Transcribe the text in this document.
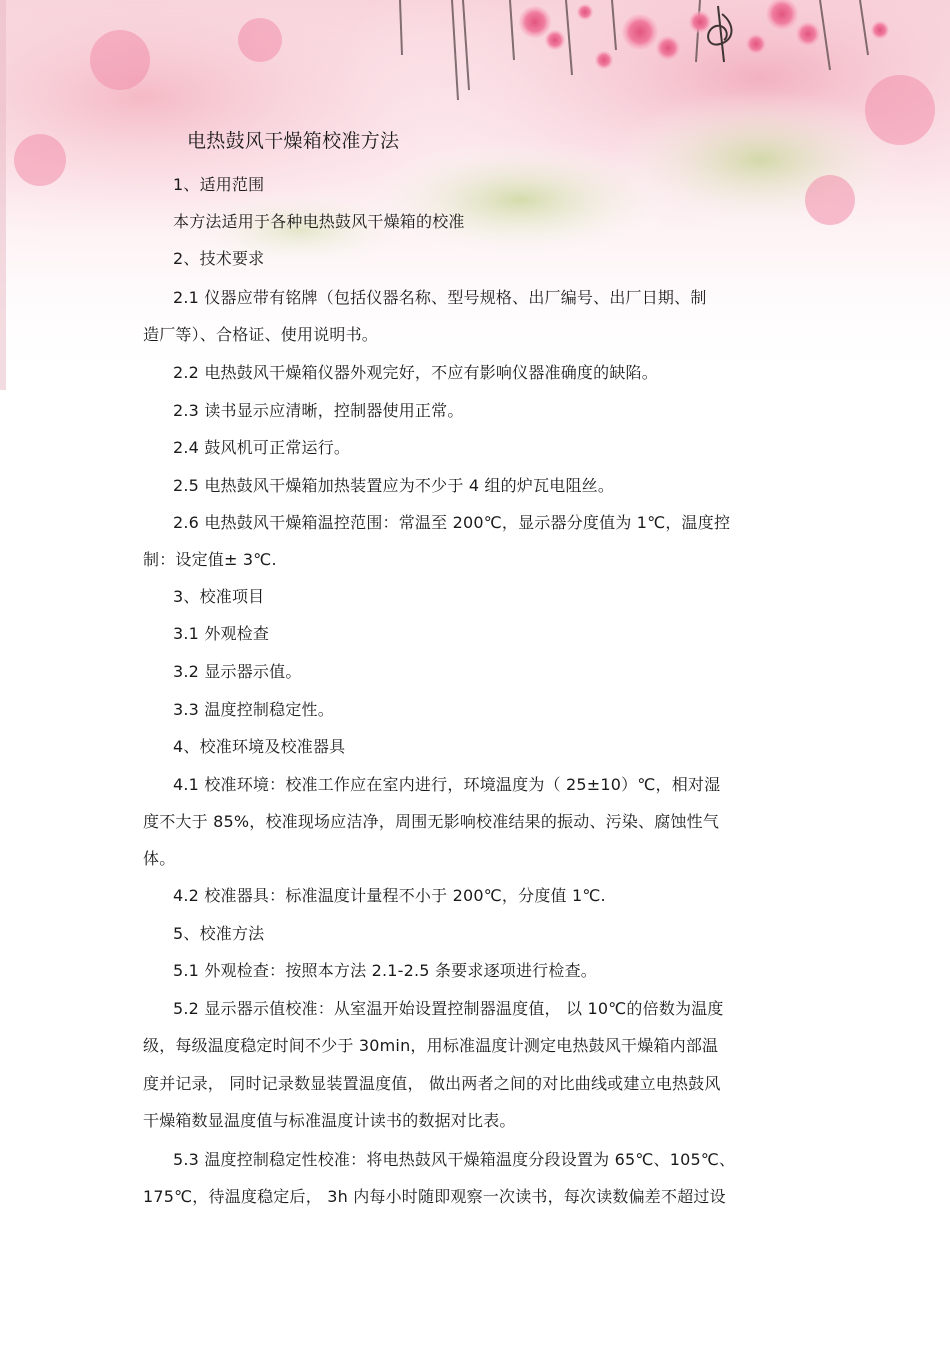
电热鼓风干燥箱校准方法
1、适用范围
本方法适用于各种电热鼓风干燥箱的校准
2、技术要求
2.1 仪器应带有铭牌（包括仪器名称、型号规格、出厂编号、出厂日期、制
造厂等）、合格证、使用说明书。
2.2 电热鼓风干燥箱仪器外观完好，不应有影响仪器准确度的缺陷。
2.3 读书显示应清晰，控制器使用正常。
2.4 鼓风机可正常运行。
2.5 电热鼓风干燥箱加热装置应为不少于 4 组的炉瓦电阻丝。
2.6 电热鼓风干燥箱温控范围：常温至 200℃，显示器分度值为 1℃，温度控
制：设定值± 3℃.
3、校准项目
3.1 外观检查
3.2 显示器示值。
3.3 温度控制稳定性。
4、校准环境及校准器具
4.1 校准环境：校准工作应在室内进行，环境温度为（ 25±10）℃，相对湿
度不大于 85%，校准现场应洁净，周围无影响校准结果的振动、污染、腐蚀性气
体。
4.2 校准器具：标准温度计量程不小于 200℃，分度值 1℃.
5、校准方法
5.1 外观检查：按照本方法 2.1-2.5 条要求逐项进行检查。
5.2 显示器示值校准：从室温开始设置控制器温度值， 以 10℃的倍数为温度
级，每级温度稳定时间不少于 30min，用标准温度计测定电热鼓风干燥箱内部温
度并记录， 同时记录数显装置温度值， 做出两者之间的对比曲线或建立电热鼓风
干燥箱数显温度值与标准温度计读书的数据对比表。
5.3 温度控制稳定性校准：将电热鼓风干燥箱温度分段设置为 65℃、105℃、
175℃，待温度稳定后， 3h 内每小时随即观察一次读书，每次读数偏差不超过设
